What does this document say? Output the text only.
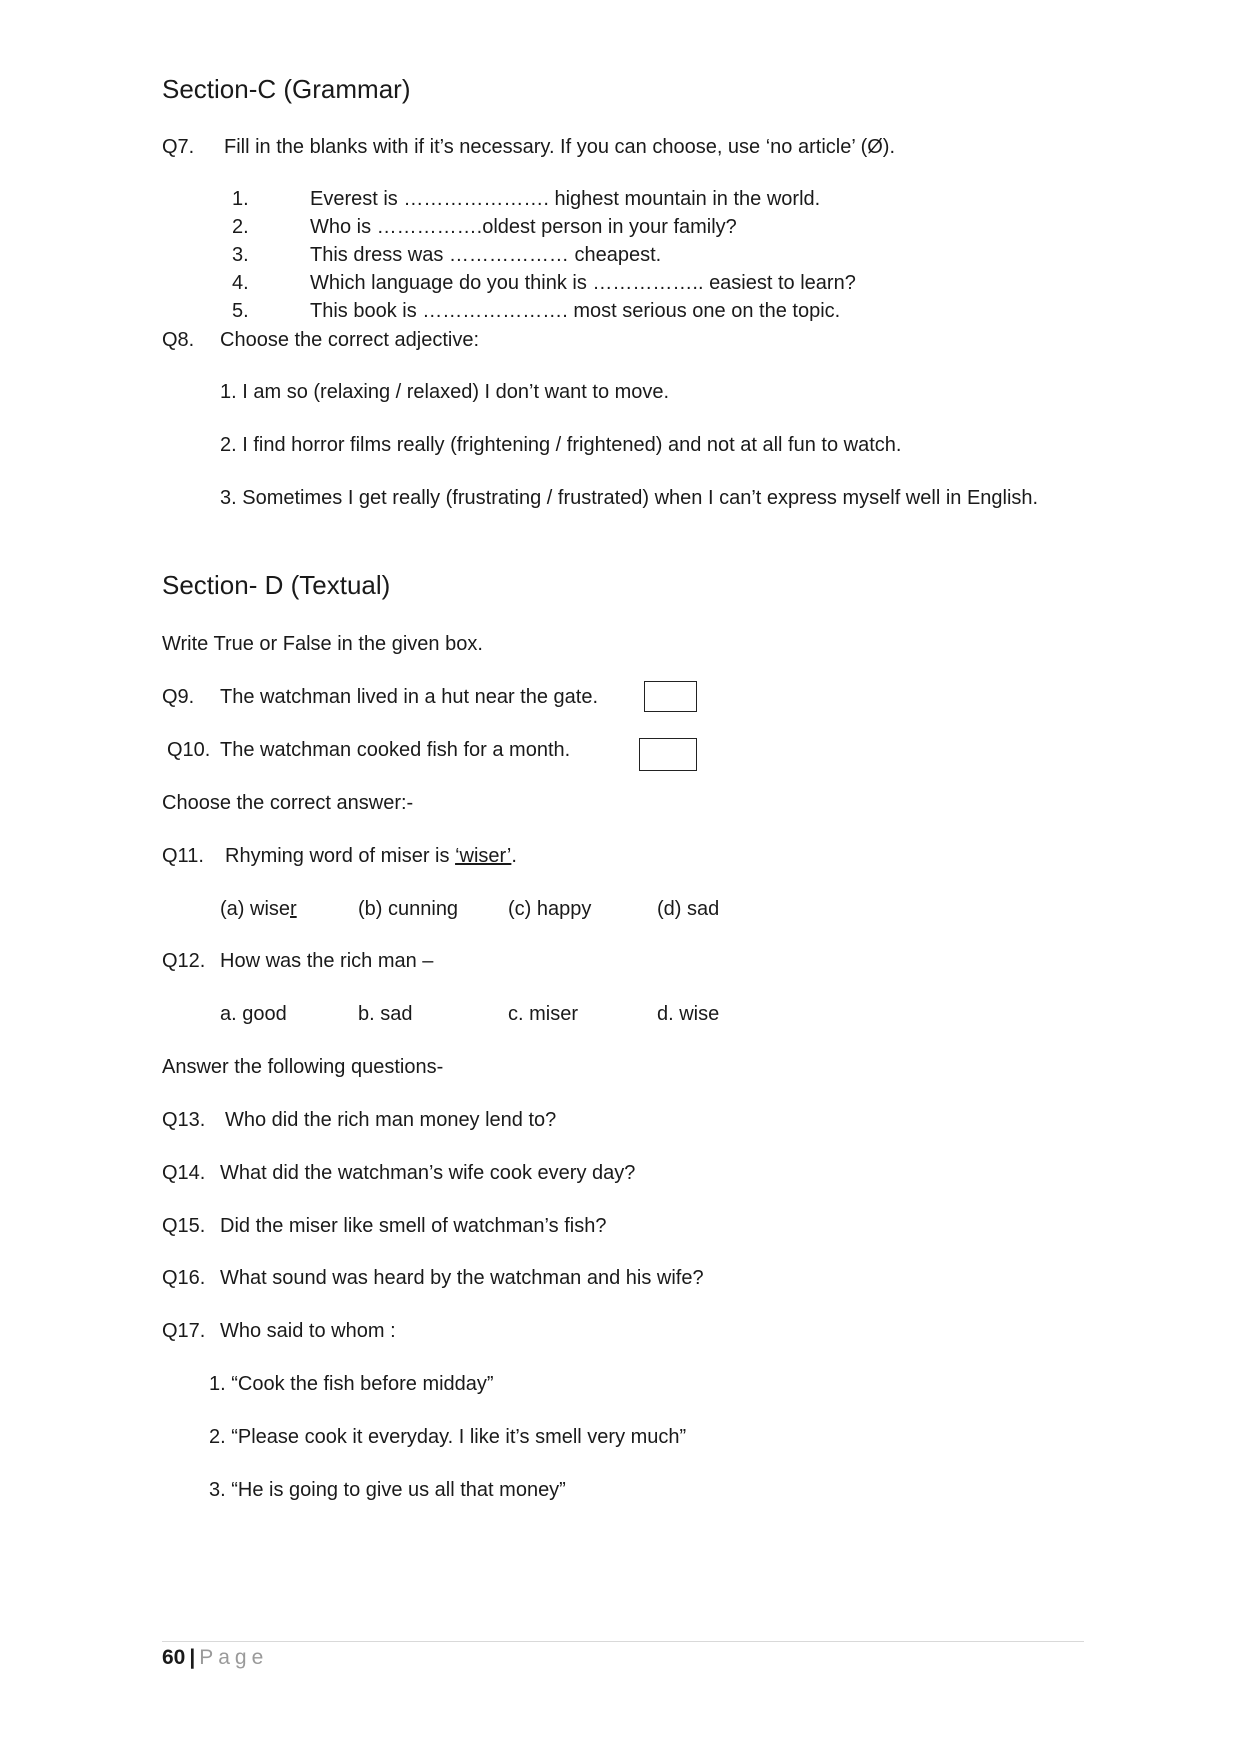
Section-C (Grammar)
Q7. Fill in the blanks with if it’s necessary. If you can choose, use ‘no article’ (Ø).
1.	Everest is …………………. highest mountain in the world.
2.	Who is …………….oldest person in your family?
3.	This dress was ……………… cheapest.
4.	Which language do you think is …………….. easiest to learn?
5.	This book is …………………. most serious one on the topic.
Q8. Choose the correct adjective:
1. I am so (relaxing / relaxed) I don’t want to move.
2. I find horror films really (frightening / frightened) and not at all fun to watch.
3. Sometimes I get really (frustrating / frustrated) when I can’t express myself well in English.
Section- D (Textual)
Write True or False in the given box.
Q9. The watchman lived in a hut near the gate.
Q10. The watchman cooked fish for a month.
Choose the correct answer:-
Q11. Rhyming word of miser is ‘wiser’.
(a) wiser	(b) cunning (c) happy	(d) sad
Q12. How was the rich man –
a. good	b. sad	c. miser	d. wise
Answer the following questions-
Q13. Who did the rich man money lend to?
Q14. What did the watchman’s wife cook every day?
Q15. Did the miser like smell of watchman’s fish?
Q16. What sound was heard by the watchman and his wife?
Q17. Who said to whom :
1. “Cook the fish before midday”
2. “Please cook it everyday. I like it’s smell very much”
3. “He is going to give us all that money”
60 | Page
